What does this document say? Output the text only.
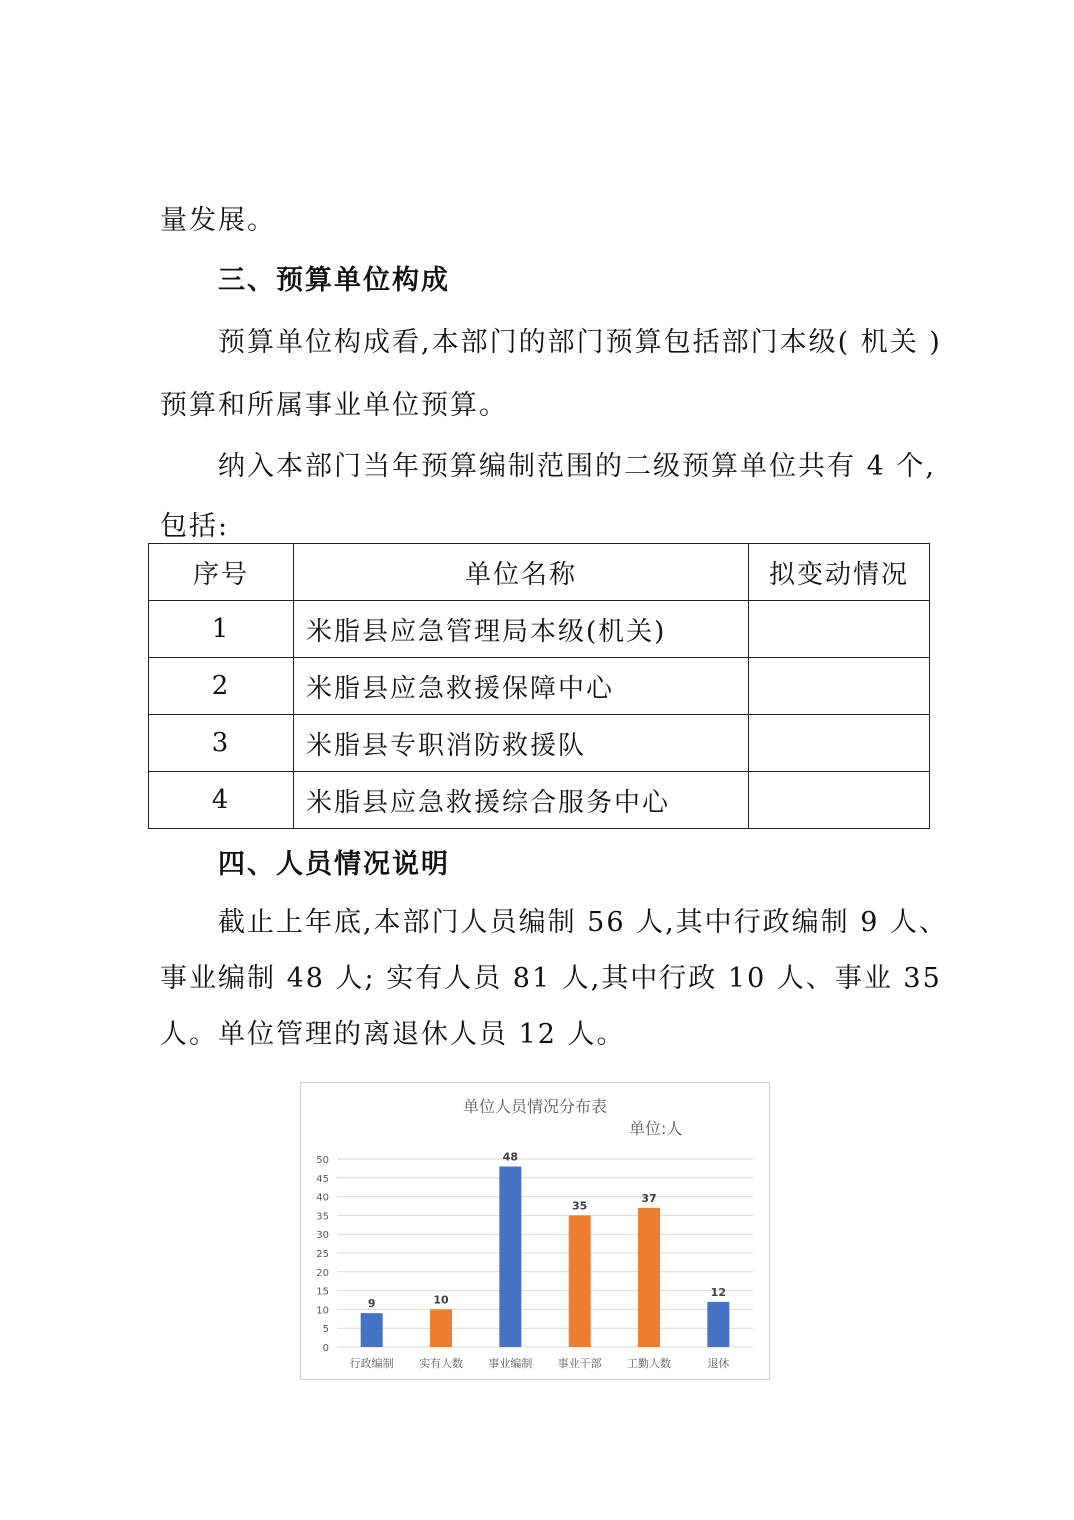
量发展。
三、预算单位构成
预算单位构成看,本部门的部门预算包括部门本级( 机关 )
预算和所属事业单位预算。
纳入本部门当年预算编制范围的二级预算单位共有 4 个,
包括:
序号	单位名称	拟变动情况
1	米脂县应急管理局本级(机关)	
2	米脂县应急救援保障中心	
3	米脂县专职消防救援队	
4	米脂县应急救援综合服务中心	
四、人员情况说明
截止上年底,本部门人员编制 56 人,其中行政编制 9 人、
事业编制 48 人; 实有人员 81 人,其中行政 10 人、事业 35
人。单位管理的离退休人员 12 人。
单位人员情况分布表
单位:人
0
5
10
15
20
25
30
35
40
45
50
9
行政编制
10
实有人数
48
事业编制
35
事业干部
37
工勤人数
12
退休
